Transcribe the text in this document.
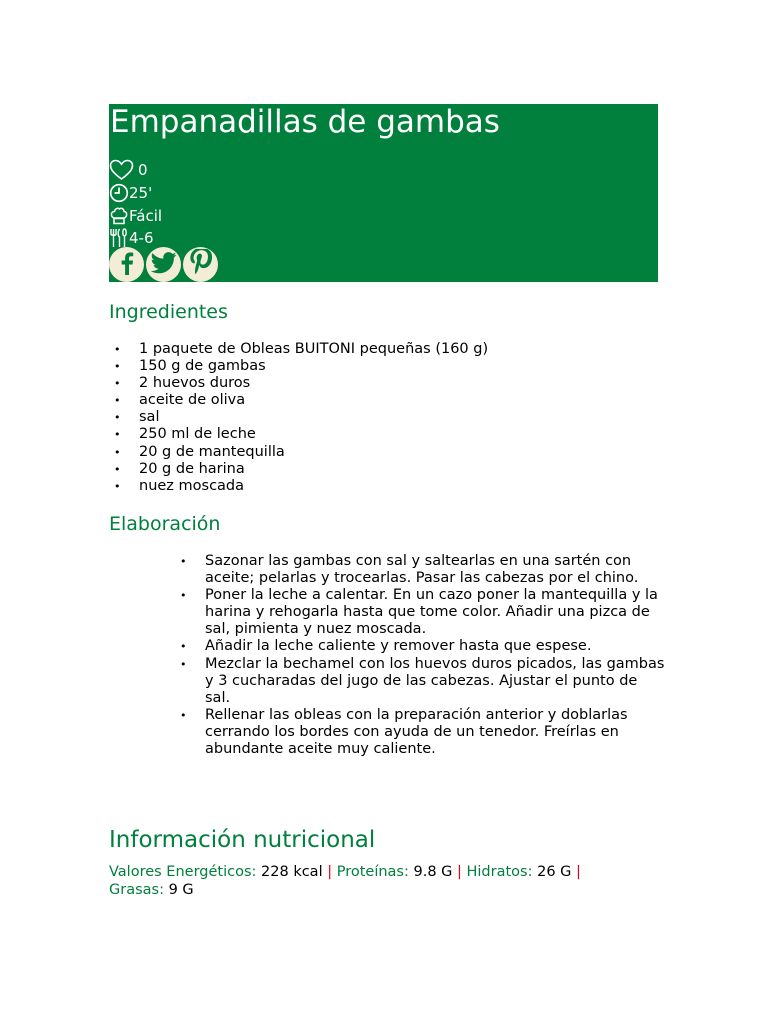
Empanadillas de gambas
0
25'
Fácil
4-6
Ingredientes
• 1 paquete de Obleas BUITONI pequeñas (160 g)
• 150 g de gambas
• 2 huevos duros
• aceite de oliva
• sal
• 250 ml de leche
• 20 g de mantequilla
• 20 g de harina
• nuez moscada
Elaboración
• Sazonar las gambas con sal y saltearlas en una sartén con aceite; pelarlas y trocearlas. Pasar las cabezas por el chino.
• Poner la leche a calentar. En un cazo poner la mantequilla y la harina y rehogarla hasta que tome color. Añadir una pizca de sal, pimienta y nuez moscada.
• Añadir la leche caliente y remover hasta que espese.
• Mezclar la bechamel con los huevos duros picados, las gambas y 3 cucharadas del jugo de las cabezas. Ajustar el punto de sal.
• Rellenar las obleas con la preparación anterior y doblarlas cerrando los bordes con ayuda de un tenedor. Freírlas en abundante aceite muy caliente.
Información nutricional

Valores Energéticos: 228 kcal | Proteínas: 9.8 G | Hidratos: 26 G | Grasas: 9 G
